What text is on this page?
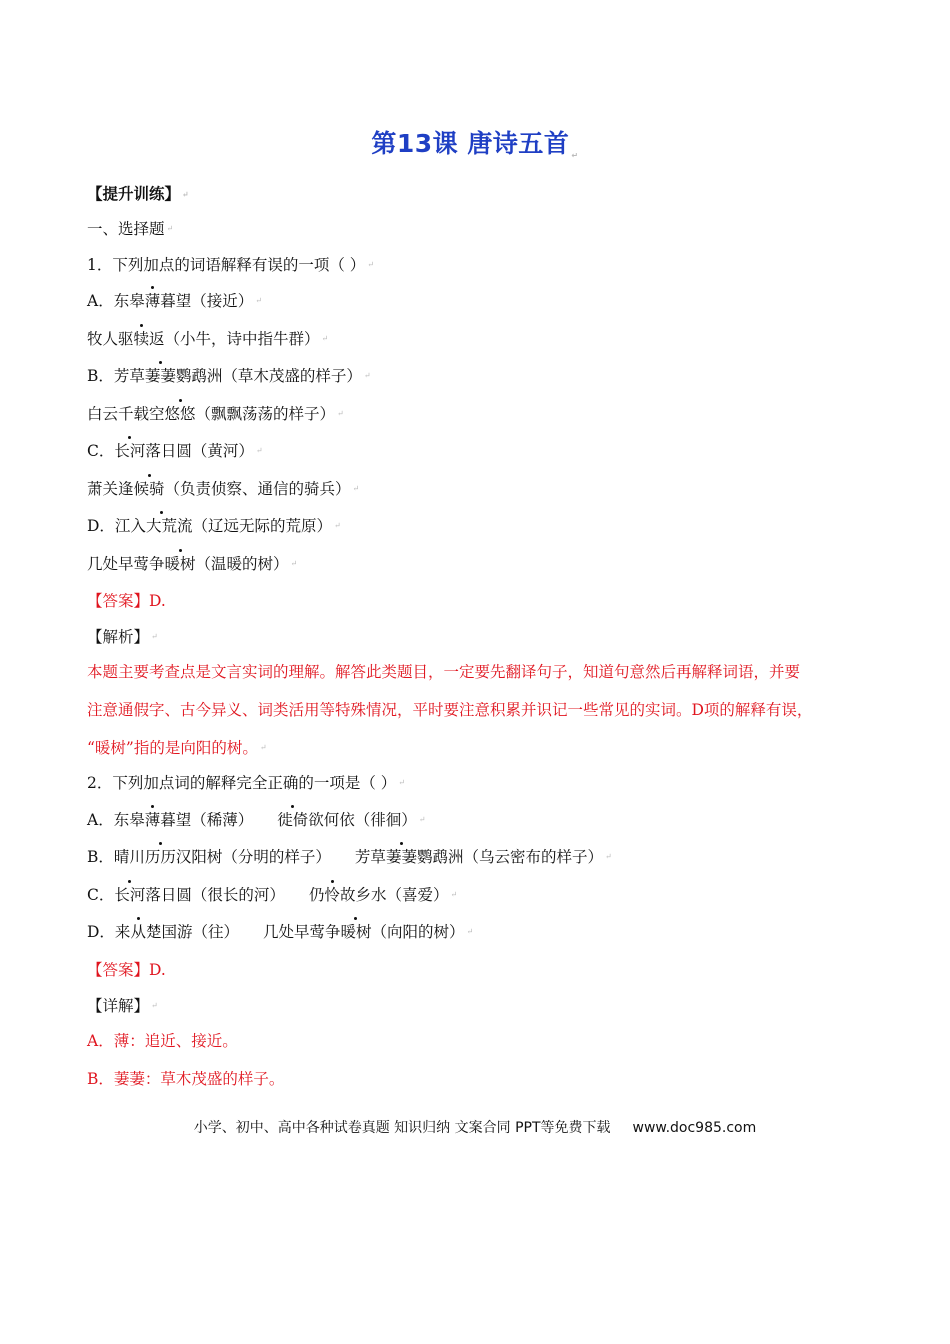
第13课 唐诗五首 ↵
【提升训练】 ↵
一、选择题 ↵
1．下列加点的词语解释有误的一项（ ） ↵
A．东皋薄暮望（接近） ↵
牧人驱犊返（小牛，诗中指牛群） ↵
B．芳草萋萋鹦鹉洲（草木茂盛的样子） ↵
白云千载空悠悠（飘飘荡荡的样子） ↵
C．长河落日圆（黄河） ↵
萧关逢候骑（负责侦察、通信的骑兵） ↵
D．江入大荒流（辽远无际的荒原） ↵
几处早莺争暖树（温暖的树） ↵
【答案】D.
【解析】 ↵
本题主要考查点是文言实词的理解。解答此类题目，一定要先翻译句子，知道句意然后再解释词语，并要
注意通假字、古今异义、词类活用等特殊情况，平时要注意积累并识记一些常见的实词。D项的解释有误，
“暖树”指的是向阳的树。 ↵
2．下列加点词的解释完全正确的一项是（ ） ↵
A．东皋薄暮望（稀薄） 徙倚欲何依（徘徊） ↵
B．晴川历历汉阳树（分明的样子） 芳草萋萋鹦鹉洲（乌云密布的样子） ↵
C．长河落日圆（很长的河） 仍怜故乡水（喜爱） ↵
D．来从楚国游（往） 几处早莺争暖树（向阳的树） ↵
【答案】D.
【详解】 ↵
A．薄：追近、接近。
B．萋萋：草木茂盛的样子。
小学、初中、高中各种试卷真题 知识归纳 文案合同 PPT等免费下载 www.doc985.com
